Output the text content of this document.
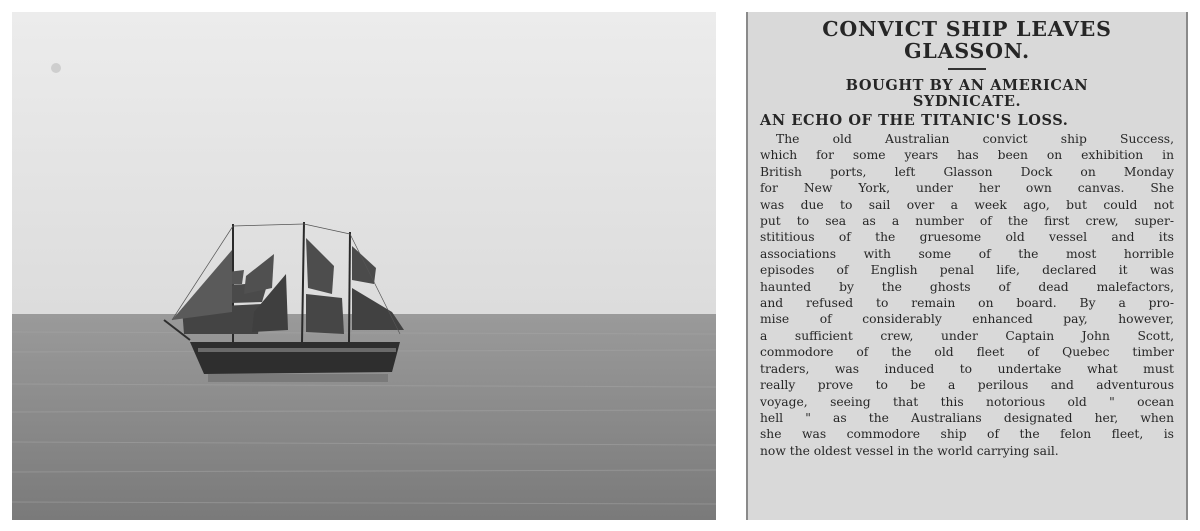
CONVICT SHIP LEAVES
GLASSON.

BOUGHT BY AN AMERICAN
SYDNICATE.

AN ECHO OF THE TITANIC'S LOSS.

The old Australian convict ship Success,
which for some years has been on exhibition in
British ports, left Glasson Dock on Monday
for New York, under her own canvas. She
was due to sail over a week ago, but could not
put to sea as a number of the first crew, super-
stititious of the gruesome old vessel and its
associations with some of the most horrible
episodes of English penal life, declared it was
haunted by the ghosts of dead malefactors,
and refused to remain on board. By a pro-
mise of considerably enhanced pay, however,
a sufficient crew, under Captain John Scott,
commodore of the old fleet of Quebec timber
traders, was induced to undertake what must
really prove to be a perilous and adventurous
voyage, seeing that this notorious old " ocean
hell " as the Australians designated her, when
she was commodore ship of the felon fleet, is
now the oldest vessel in the world carrying sail.
